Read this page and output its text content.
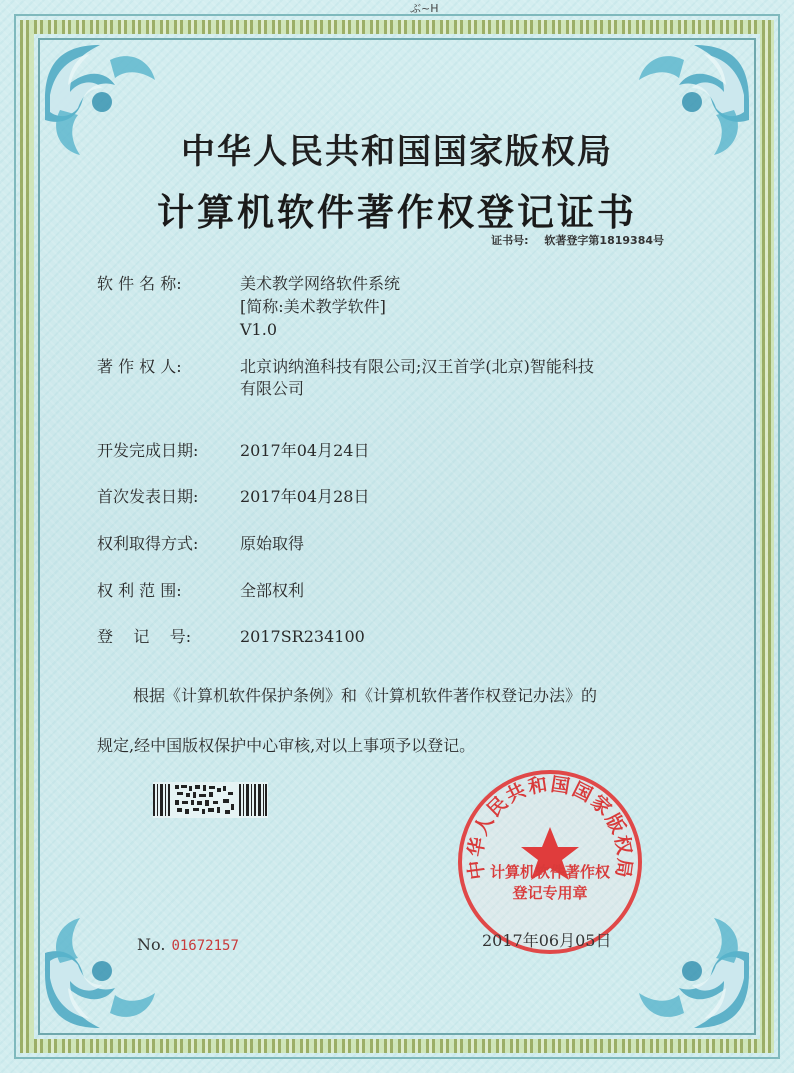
ぶ~H
中华人民共和国国家版权局
计算机软件著作权登记证书
证书号: 软著登字第1819384号
软 件 名 称:	美术教学网络软件系统
[简称:美术教学软件]
V1.0
著 作 权 人:	北京讷纳渔科技有限公司;汉王首学(北京)智能科技
有限公司
开发完成日期:	2017年04月24日
首次发表日期:	2017年04月28日
权利取得方式:	原始取得
权 利 范 围:	全部权利
登    记    号:	2017SR234100
根据《计算机软件保护条例》和《计算机软件著作权登记办法》的
规定,经中国版权保护中心审核,对以上事项予以登记。
中华人民共和国国家版权局
计算机软件著作权
登记专用章
No. 01672157	2017年06月05日
